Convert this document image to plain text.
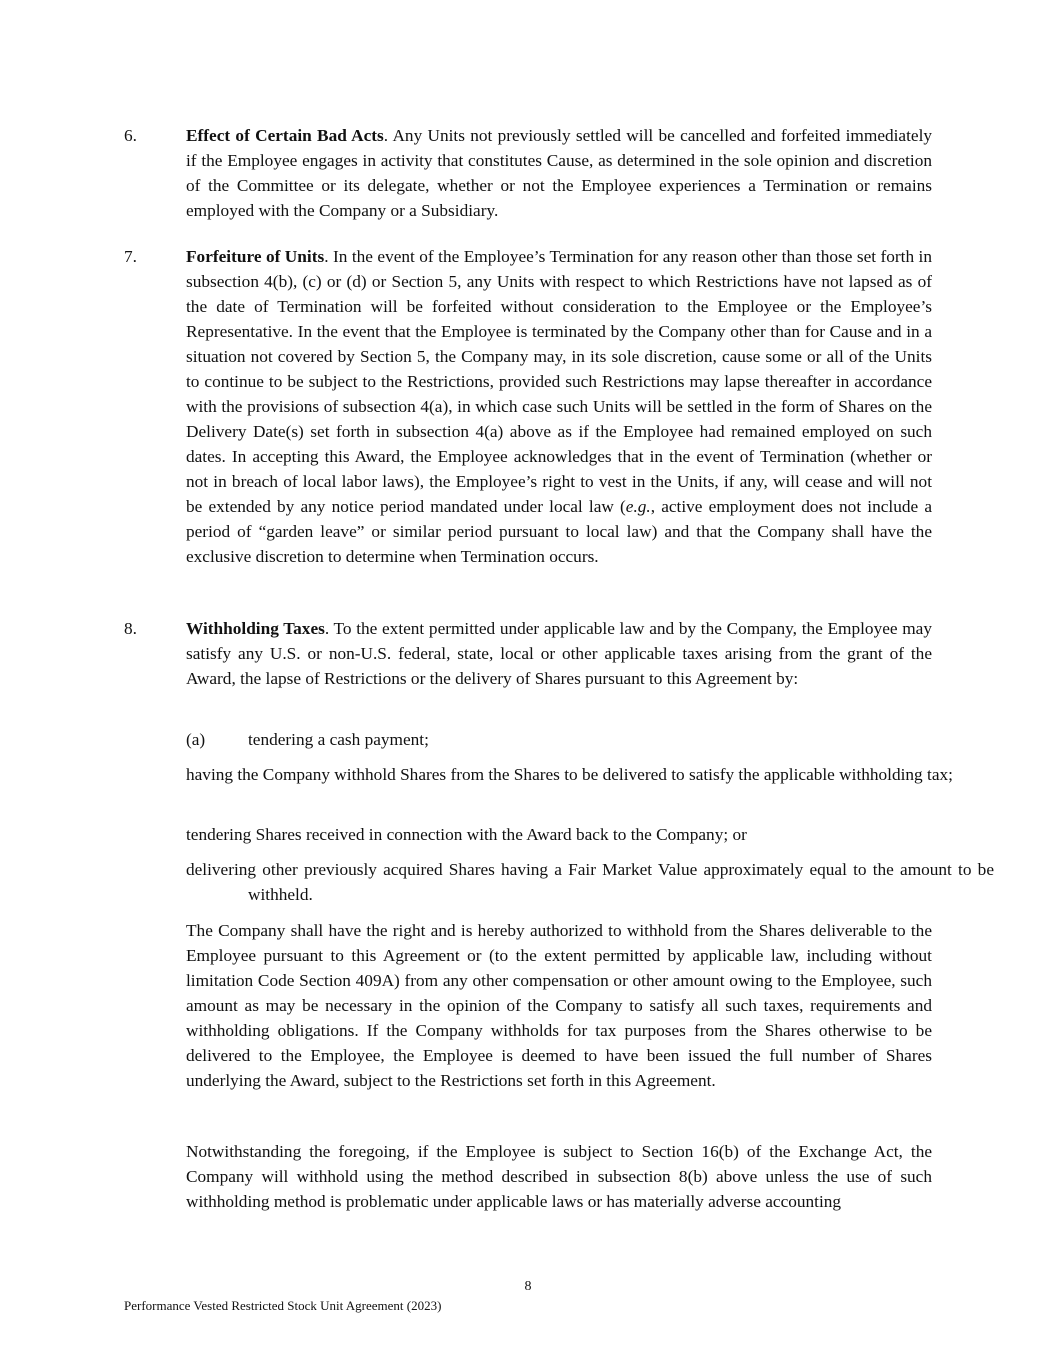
6.	Effect of Certain Bad Acts. Any Units not previously settled will be cancelled and forfeited immediately if the Employee engages in activity that constitutes Cause, as determined in the sole opinion and discretion of the Committee or its delegate, whether or not the Employee experiences a Termination or remains employed with the Company or a Subsidiary.

7.	Forfeiture of Units. In the event of the Employee’s Termination for any reason other than those set forth in subsection 4(b), (c) or (d) or Section 5, any Units with respect to which Restrictions have not lapsed as of the date of Termination will be forfeited without consideration to the Employee or the Employee’s Representative. In the event that the Employee is terminated by the Company other than for Cause and in a situation not covered by Section 5, the Company may, in its sole discretion, cause some or all of the Units to continue to be subject to the Restrictions, provided such Restrictions may lapse thereafter in accordance with the provisions of subsection 4(a), in which case such Units will be settled in the form of Shares on the Delivery Date(s) set forth in subsection 4(a) above as if the Employee had remained employed on such dates. In accepting this Award, the Employee acknowledges that in the event of Termination (whether or not in breach of local labor laws), the Employee’s right to vest in the Units, if any, will cease and will not be extended by any notice period mandated under local law (e.g., active employment does not include a period of “garden leave” or similar period pursuant to local law) and that the Company shall have the exclusive discretion to determine when Termination occurs.

8.	Withholding Taxes. To the extent permitted under applicable law and by the Company, the Employee may satisfy any U.S. or non-U.S. federal, state, local or other applicable taxes arising from the grant of the Award, the lapse of Restrictions or the delivery of Shares pursuant to this Agreement by:

(a) tendering a cash payment;
having the Company withhold Shares from the Shares to be delivered to satisfy the applicable withholding tax;
tendering Shares received in connection with the Award back to the Company; or
delivering other previously acquired Shares having a Fair Market Value approximately equal to the amount to be withheld.

The Company shall have the right and is hereby authorized to withhold from the Shares deliverable to the Employee pursuant to this Agreement or (to the extent permitted by applicable law, including without limitation Code Section 409A) from any other compensation or other amount owing to the Employee, such amount as may be necessary in the opinion of the Company to satisfy all such taxes, requirements and withholding obligations. If the Company withholds for tax purposes from the Shares otherwise to be delivered to the Employee, the Employee is deemed to have been issued the full number of Shares underlying the Award, subject to the Restrictions set forth in this Agreement.

Notwithstanding the foregoing, if the Employee is subject to Section 16(b) of the Exchange Act, the Company will withhold using the method described in subsection 8(b) above unless the use of such withholding method is problematic under applicable laws or has materially adverse accounting

8
Performance Vested Restricted Stock Unit Agreement (2023)
